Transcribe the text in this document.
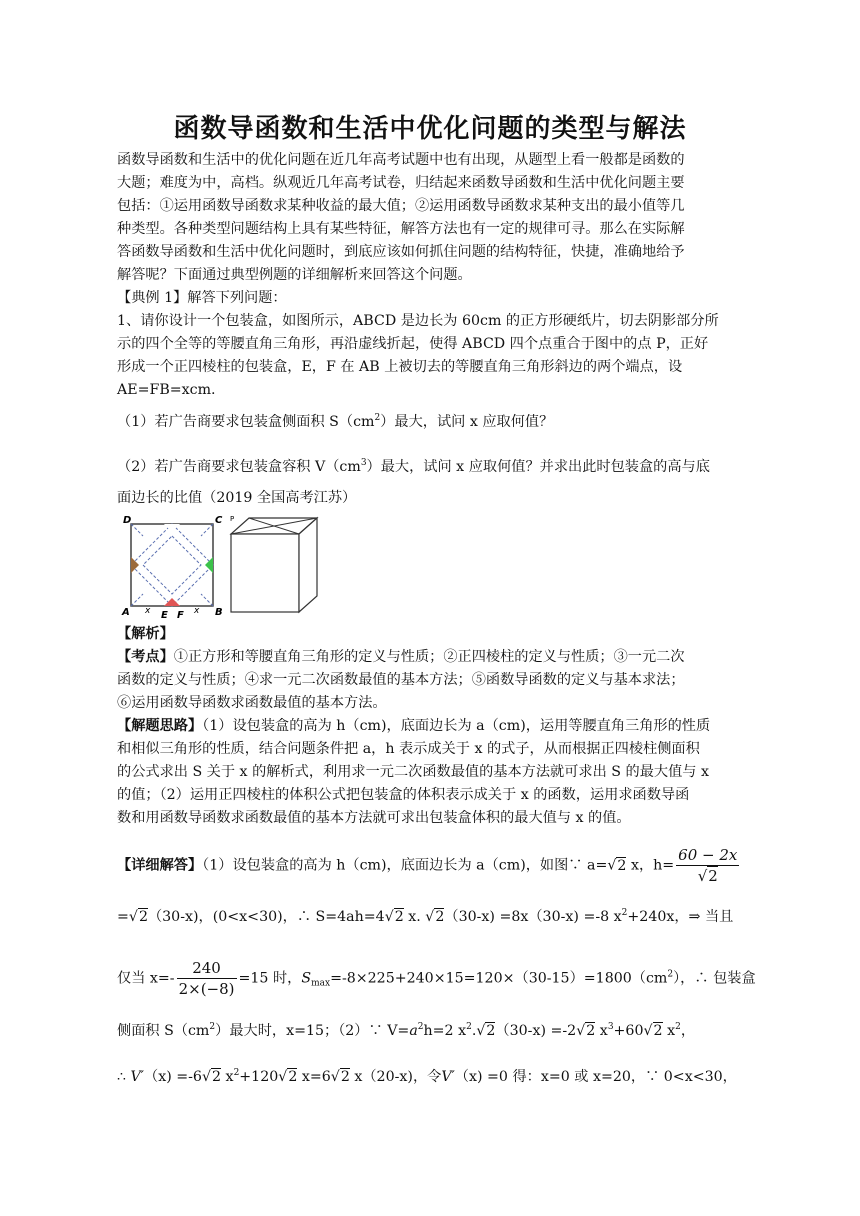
函数导函数和生活中优化问题的类型与解法
函数导函数和生活中的优化问题在近几年高考试题中也有出现，从题型上看一般都是函数的
大题；难度为中，高档。纵观近几年高考试卷，归结起来函数导函数和生活中优化问题主要
包括：①运用函数导函数求某种收益的最大值；②运用函数导函数求某种支出的最小值等几
种类型。各种类型问题结构上具有某些特征，解答方法也有一定的规律可寻。那么在实际解
答函数导函数和生活中优化问题时，到底应该如何抓住问题的结构特征，快捷，准确地给予
解答呢？下面通过典型例题的详细解析来回答这个问题。
【典例 1】解答下列问题：
1、请你设计一个包装盒，如图所示，ABCD 是边长为 60cm 的正方形硬纸片，切去阴影部分所
示的四个全等的等腰直角三角形，再沿虚线折起，使得 ABCD 四个点重合于图中的点 P，正好
形成一个正四棱柱的包装盒，E，F 在 AB 上被切去的等腰直角三角形斜边的两个端点，设
AE=FB=xcm.
（1）若广告商要求包装盒侧面积 $S(cm^2)$最大，试问 x 应取何值？
（2）若广告商要求包装盒容积 $V(cm^3)$最大，试问 x 应取何值？并求出此时包装盒的高与底
面边长的比值（2019 全国高考江苏）
D	C
A	B
x E F x
P
【解析】
【考点】①正方形和等腰直角三角形的定义与性质；②正四棱柱的定义与性质；③一元二次
函数的定义与性质；④求一元二次函数最值的基本方法；⑤函数导函数的定义与基本求法；
⑥运用函数导函数求函数最值的基本方法。
【解题思路】（1）设包装盒的高为 h（cm)，底面边长为 a（cm)，运用等腰直角三角形的性质
和相似三角形的性质，结合问题条件把 a，h 表示成关于 x 的式子，从而根据正四棱柱侧面积
的公式求出 S 关于 x 的解析式，利用求一元二次函数最值的基本方法就可求出 S 的最大值与 x
的值；（2）运用正四棱柱的体积公式把包装盒的体积表示成关于 x 的函数，运用求函数导函
数和用函数导函数求函数最值的基本方法就可求出包装盒体积的最大值与 x 的值。
【详细解答】（1）设包装盒的高为 h（cm)，底面边长为 a（cm)，如图∵ a=√2 x，$h= \frac{60 - 2x}{√2}$
=√2（30-x)，(0<x<30)，∴ S=4ah=4√2 x. √2（30-x) =8x（30-x) =-8 $x^2+240x$，⇒ 当且
仅当 $x=- \frac{240}{2\times(-8)} =15$ 时，$S_{max}=-8\times 225+240\times 15=120\times(30-15)=1800(cm^2)$，∴ 包装盒
侧面积 $S(cm^2)$最大时，x=15；（2）∵ $V=a^2h=2$ $x^2.√2(30-x) =-2√2$ $x^3+60√2$ $x^2$，
∴ V′（x) =-6√2 $x^2+120√2$ x=6√2 x（20-x)，令V′（x) =0 得：x=0 或 x=20，∵ 0<x<30，
